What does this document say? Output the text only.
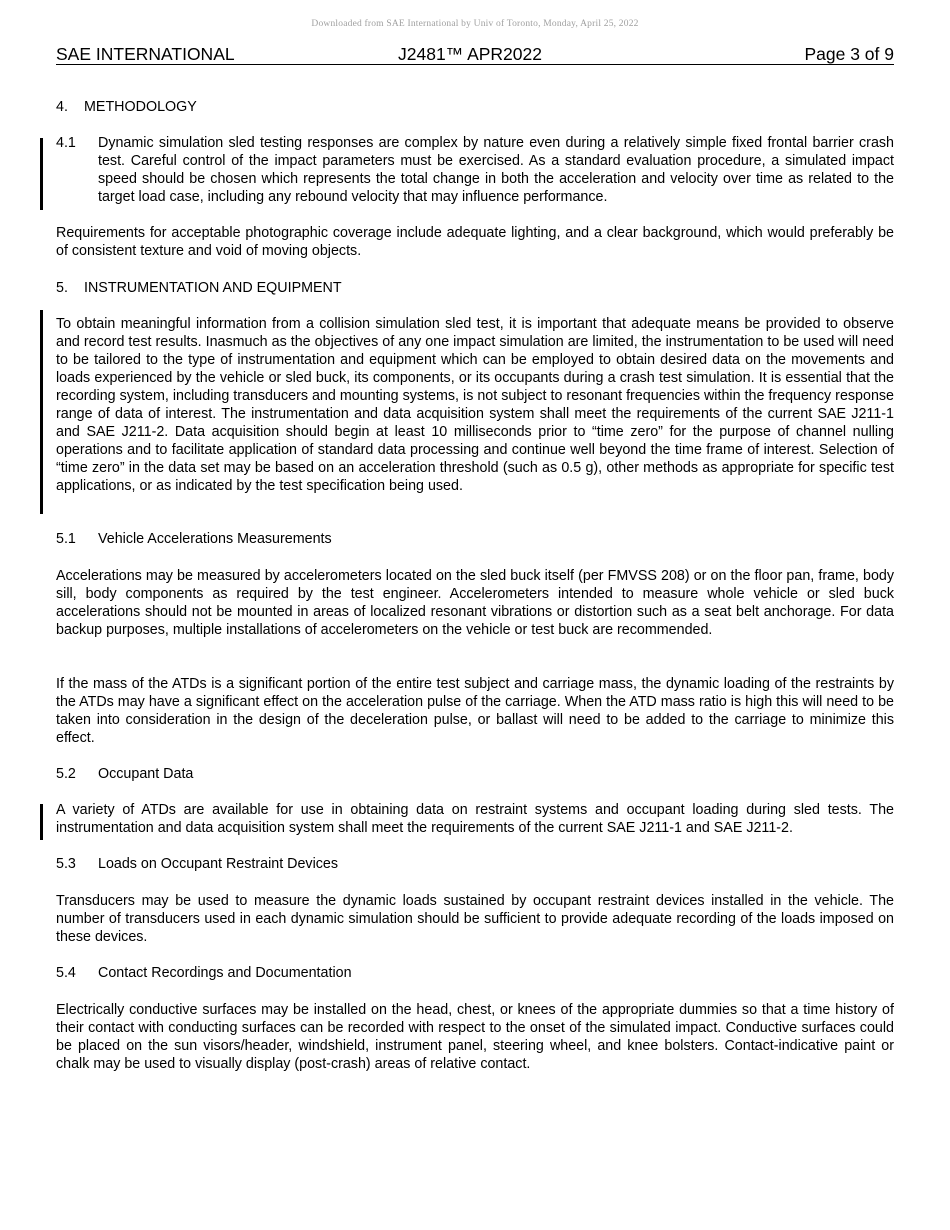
Downloaded from SAE International by Univ of Toronto, Monday, April 25, 2022
SAE INTERNATIONAL	J2481™ APR2022	Page 3 of 9
4. METHODOLOGY
4.1 Dynamic simulation sled testing responses are complex by nature even during a relatively simple fixed frontal barrier crash test. Careful control of the impact parameters must be exercised. As a standard evaluation procedure, a simulated impact speed should be chosen which represents the total change in both the acceleration and velocity over time as related to the target load case, including any rebound velocity that may influence performance.

Requirements for acceptable photographic coverage include adequate lighting, and a clear background, which would preferably be of consistent texture and void of moving objects.

5. INSTRUMENTATION AND EQUIPMENT

To obtain meaningful information from a collision simulation sled test, it is important that adequate means be provided to observe and record test results. Inasmuch as the objectives of any one impact simulation are limited, the instrumentation to be used will need to be tailored to the type of instrumentation and equipment which can be employed to obtain desired data on the movements and loads experienced by the vehicle or sled buck, its components, or its occupants during a crash test simulation. It is essential that the recording system, including transducers and mounting systems, is not subject to resonant frequencies within the frequency response range of data of interest. The instrumentation and data acquisition system shall meet the requirements of the current SAE J211-1 and SAE J211-2. Data acquisition should begin at least 10 milliseconds prior to “time zero” for the purpose of channel nulling operations and to facilitate application of standard data processing and continue well beyond the time frame of interest. Selection of “time zero” in the data set may be based on an acceleration threshold (such as 0.5 g), other methods as appropriate for specific test applications, or as indicated by the test specification being used.

5.1 Vehicle Accelerations Measurements

Accelerations may be measured by accelerometers located on the sled buck itself (per FMVSS 208) or on the floor pan, frame, body sill, body components as required by the test engineer. Accelerometers intended to measure whole vehicle or sled buck accelerations should not be mounted in areas of localized resonant vibrations or distortion such as a seat belt anchorage. For data backup purposes, multiple installations of accelerometers on the vehicle or test buck are recommended.

If the mass of the ATDs is a significant portion of the entire test subject and carriage mass, the dynamic loading of the restraints by the ATDs may have a significant effect on the acceleration pulse of the carriage. When the ATD mass ratio is high this will need to be taken into consideration in the design of the deceleration pulse, or ballast will need to be added to the carriage to minimize this effect.

5.2 Occupant Data

A variety of ATDs are available for use in obtaining data on restraint systems and occupant loading during sled tests. The instrumentation and data acquisition system shall meet the requirements of the current SAE J211-1 and SAE J211-2.

5.3 Loads on Occupant Restraint Devices

Transducers may be used to measure the dynamic loads sustained by occupant restraint devices installed in the vehicle. The number of transducers used in each dynamic simulation should be sufficient to provide adequate recording of the loads imposed on these devices.

5.4 Contact Recordings and Documentation

Electrically conductive surfaces may be installed on the head, chest, or knees of the appropriate dummies so that a time history of their contact with conducting surfaces can be recorded with respect to the onset of the simulated impact. Conductive surfaces could be placed on the sun visors/header, windshield, instrument panel, steering wheel, and knee bolsters. Contact-indicative paint or chalk may be used to visually display (post-crash) areas of relative contact.
